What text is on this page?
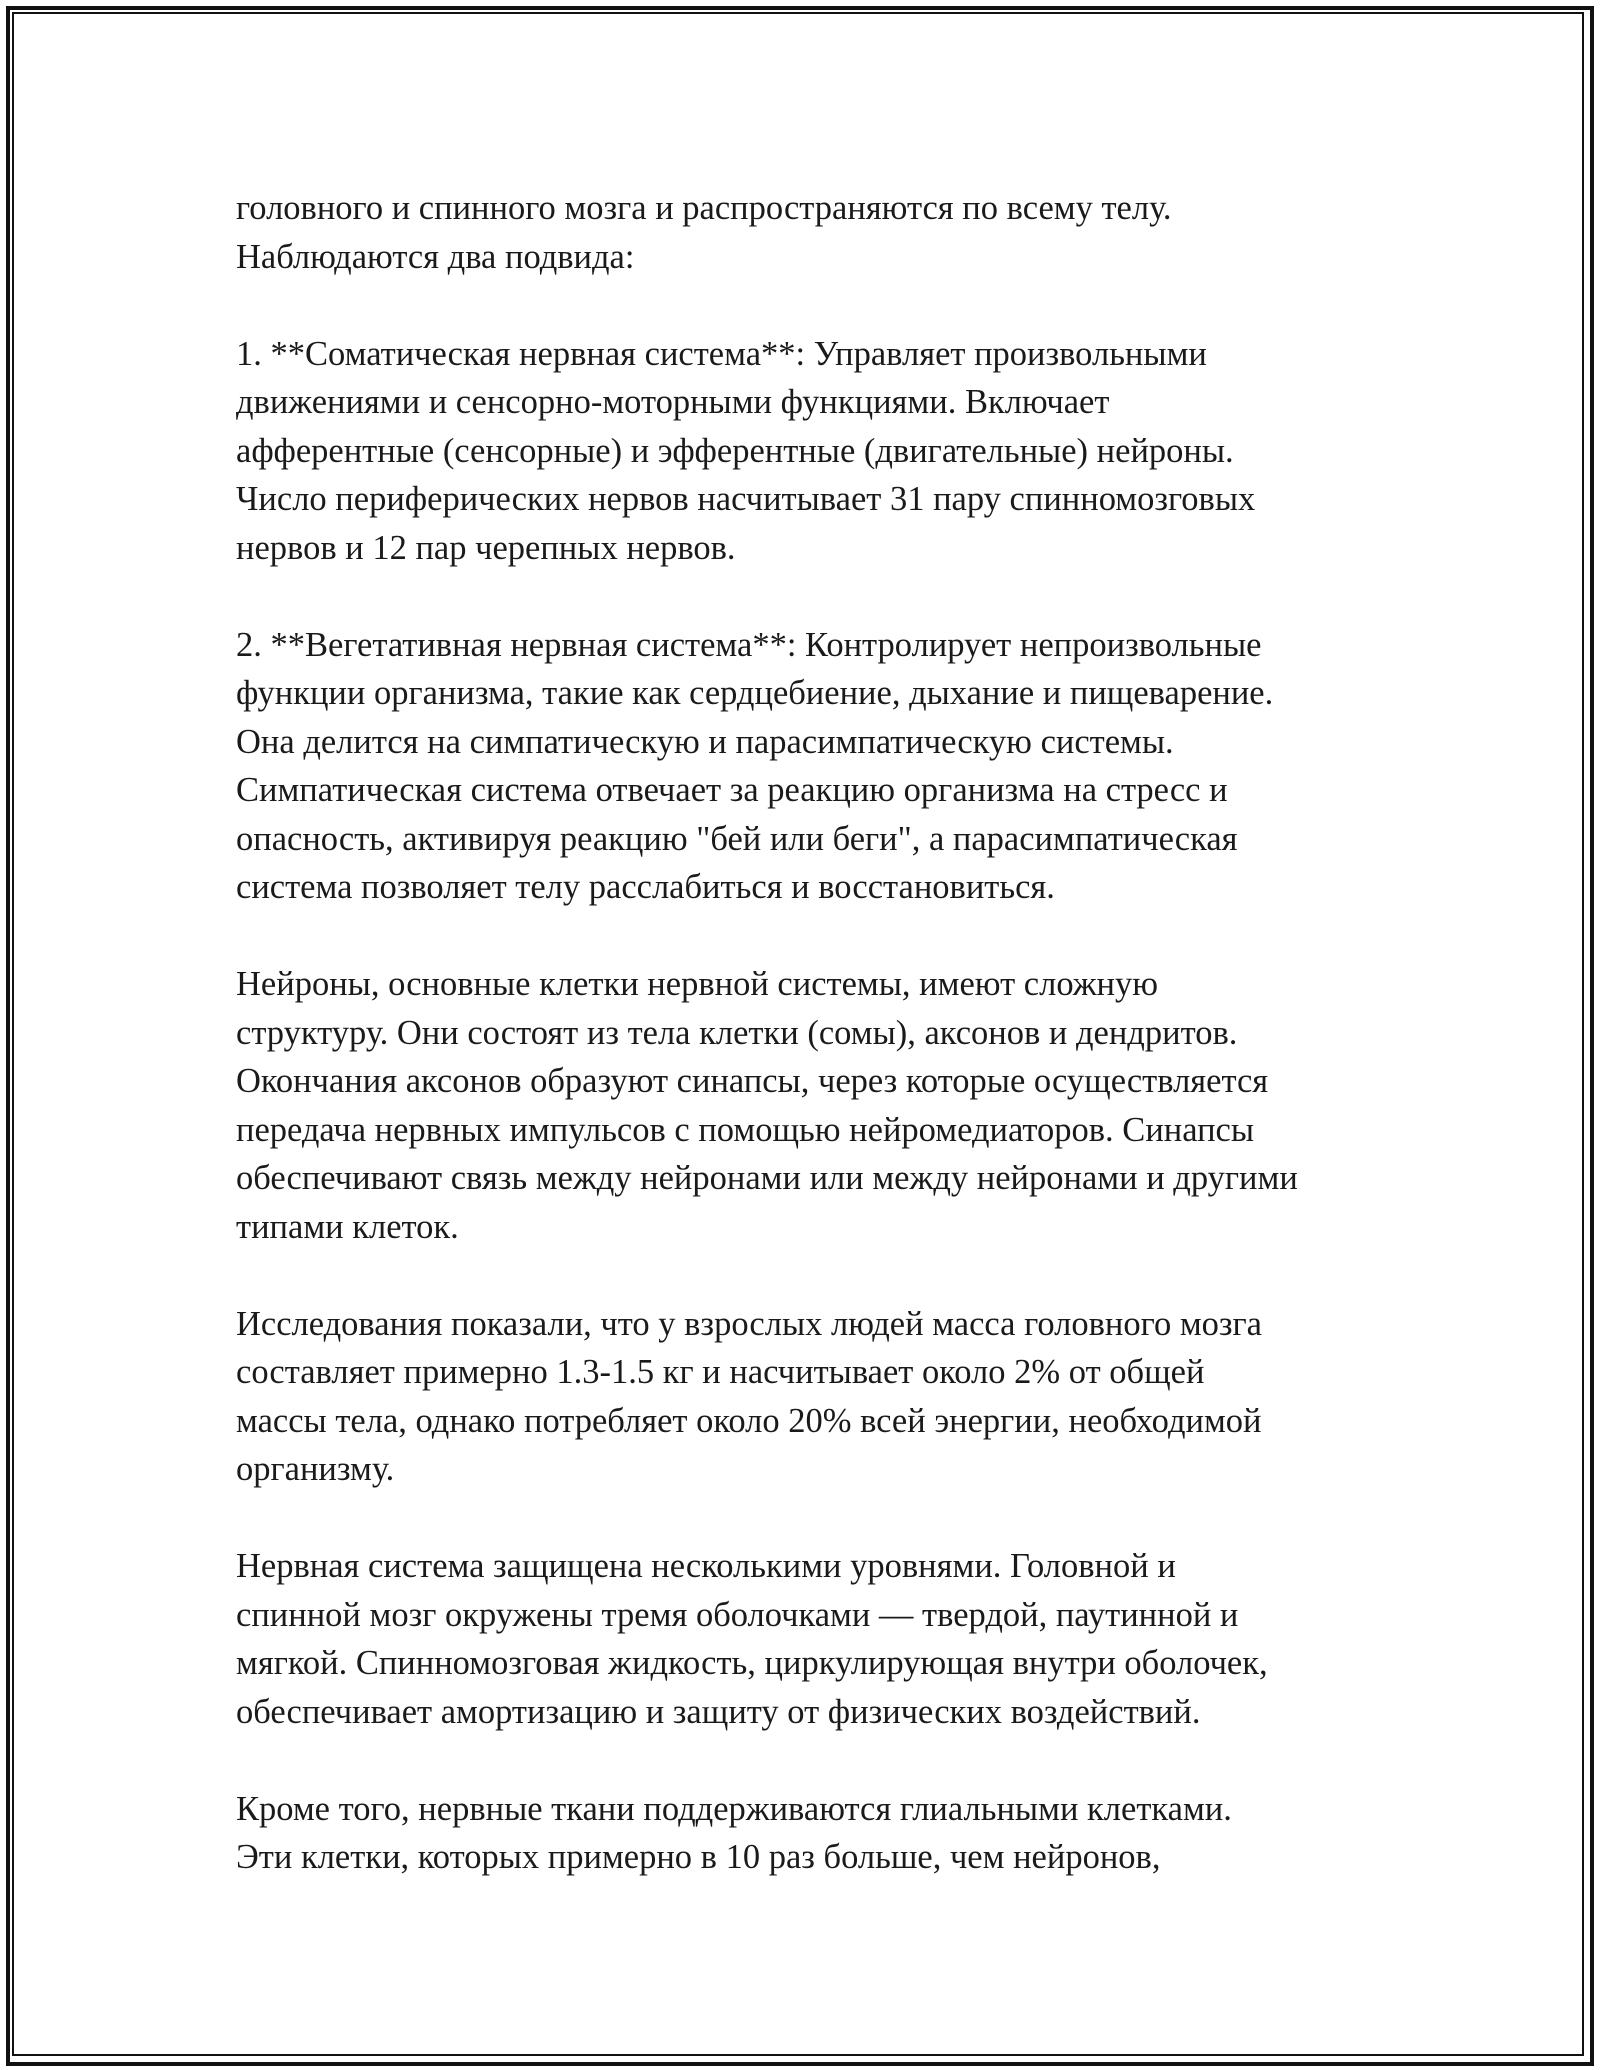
головного и спинного мозга и распространяются по всему телу.
Наблюдаются два подвида:

1. **Соматическая нервная система**: Управляет произвольными
движениями и сенсорно-моторными функциями. Включает
афферентные (сенсорные) и эфферентные (двигательные) нейроны.
Число периферических нервов насчитывает 31 пару спинномозговых
нервов и 12 пар черепных нервов.

2. **Вегетативная нервная система**: Контролирует непроизвольные
функции организма, такие как сердцебиение, дыхание и пищеварение.
Она делится на симпатическую и парасимпатическую системы.
Симпатическая система отвечает за реакцию организма на стресс и
опасность, активируя реакцию "бей или беги", а парасимпатическая
система позволяет телу расслабиться и восстановиться.

Нейроны, основные клетки нервной системы, имеют сложную
структуру. Они состоят из тела клетки (сомы), аксонов и дендритов.
Окончания аксонов образуют синапсы, через которые осуществляется
передача нервных импульсов с помощью нейромедиаторов. Синапсы
обеспечивают связь между нейронами или между нейронами и другими
типами клеток.

Исследования показали, что у взрослых людей масса головного мозга
составляет примерно 1.3-1.5 кг и насчитывает около 2% от общей
массы тела, однако потребляет около 20% всей энергии, необходимой
организму.

Нервная система защищена несколькими уровнями. Головной и
спинной мозг окружены тремя оболочками — твердой, паутинной и
мягкой. Спинномозговая жидкость, циркулирующая внутри оболочек,
обеспечивает амортизацию и защиту от физических воздействий.

Кроме того, нервные ткани поддерживаются глиальными клетками.
Эти клетки, которых примерно в 10 раз больше, чем нейронов,
